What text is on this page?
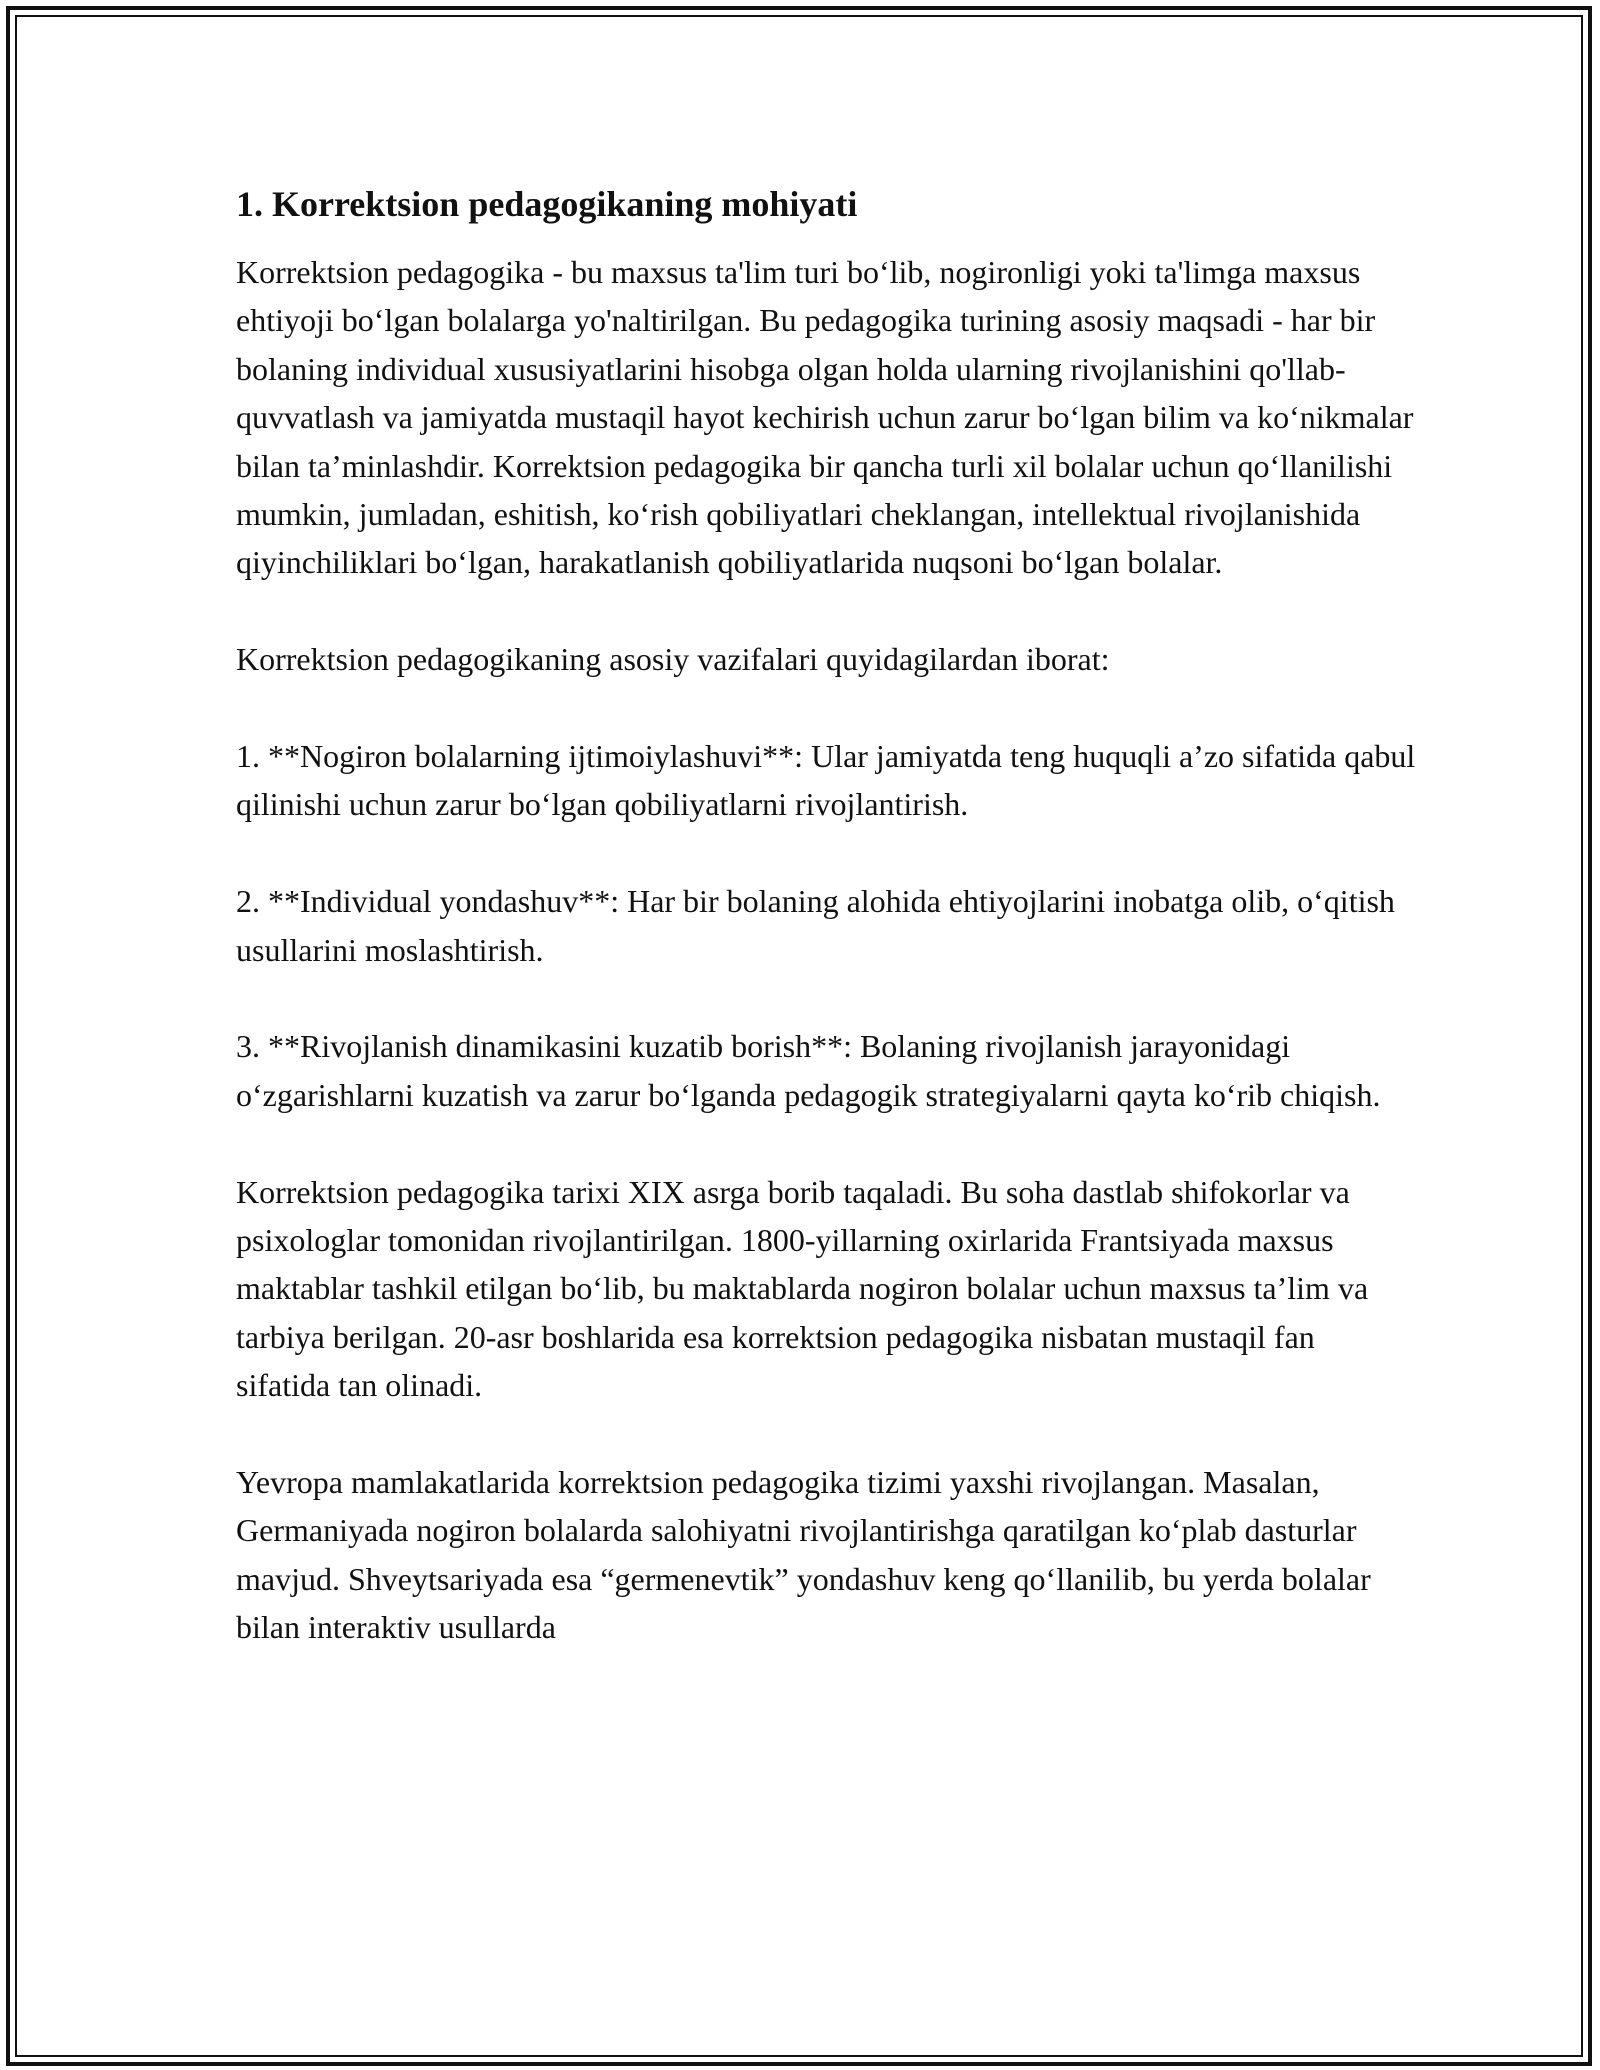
1. Korrektsion pedagogikaning mohiyati

Korrektsion pedagogika - bu maxsus ta'lim turi bo‘lib, nogironligi yoki ta'limga maxsus ehtiyoji bo‘lgan bolalarga yo'naltirilgan. Bu pedagogika turining asosiy maqsadi - har bir bolaning individual xususiyatlarini hisobga olgan holda ularning rivojlanishini qo'llab-quvvatlash va jamiyatda mustaqil hayot kechirish uchun zarur bo‘lgan bilim va ko‘nikmalar bilan ta’minlashdir. Korrektsion pedagogika bir qancha turli xil bolalar uchun qo‘llanilishi mumkin, jumladan, eshitish, ko‘rish qobiliyatlari cheklangan, intellektual rivojlanishida qiyinchiliklari bo‘lgan, harakatlanish qobiliyatlarida nuqsoni bo‘lgan bolalar.

Korrektsion pedagogikaning asosiy vazifalari quyidagilardan iborat:

1. **Nogiron bolalarning ijtimoiylashuvi**: Ular jamiyatda teng huquqli a’zo sifatida qabul qilinishi uchun zarur bo‘lgan qobiliyatlarni rivojlantirish.

2. **Individual yondashuv**: Har bir bolaning alohida ehtiyojlarini inobatga olib, o‘qitish usullarini moslashtirish.

3. **Rivojlanish dinamikasini kuzatib borish**: Bolaning rivojlanish jarayonidagi o‘zgarishlarni kuzatish va zarur bo‘lganda pedagogik strategiyalarni qayta ko‘rib chiqish.

Korrektsion pedagogika tarixi XIX asrga borib taqaladi. Bu soha dastlab shifokorlar va psixologlar tomonidan rivojlantirilgan. 1800-yillarning oxirlarida Frantsiyada maxsus maktablar tashkil etilgan bo‘lib, bu maktablarda nogiron bolalar uchun maxsus ta’lim va tarbiya berilgan. 20-asr boshlarida esa korrektsion pedagogika nisbatan mustaqil fan sifatida tan olinadi.

Yevropa mamlakatlarida korrektsion pedagogika tizimi yaxshi rivojlangan. Masalan, Germaniyada nogiron bolalarda salohiyatni rivojlantirishga qaratilgan ko‘plab dasturlar mavjud. Shveytsariyada esa “germenevtik” yondashuv keng qo‘llanilib, bu yerda bolalar bilan interaktiv usullarda
